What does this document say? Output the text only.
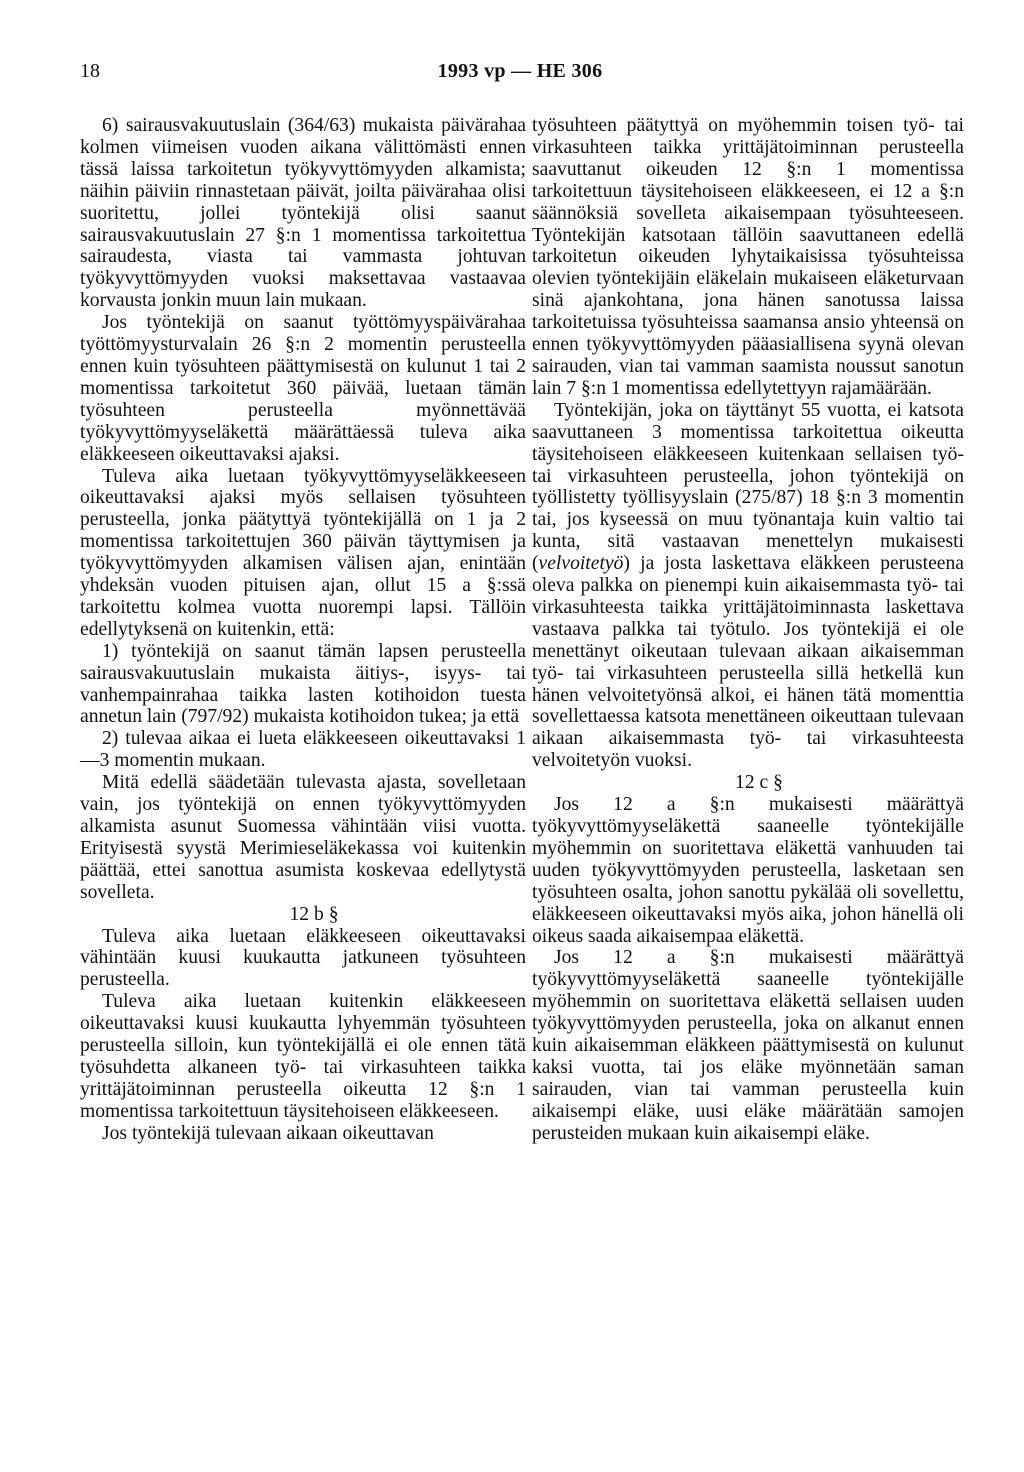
18	1993 vp — HE 306

6) sairausvakuutuslain (364/63) mukaista päivärahaa kolmen viimeisen vuoden aikana välittömästi ennen tässä laissa tarkoitetun työkyvyttömyyden alkamista; näihin päiviin rinnastetaan päivät, joilta päivärahaa olisi suoritettu, jollei työntekijä olisi saanut sairausvakuutuslain 27 §:n 1 momentissa tarkoitettua sairaudesta, viasta tai vammasta johtuvan työkyvyttömyyden vuoksi maksettavaa vastaavaa korvausta jonkin muun lain mukaan.

Jos työntekijä on saanut työttömyyspäivärahaa työttömyysturvalain 26 §:n 2 momentin perusteella ennen kuin työsuhteen päättymisestä on kulunut 1 tai 2 momentissa tarkoitetut 360 päivää, luetaan tämän työsuhteen perusteella myönnettävää työkyvyttömyyseläkettä määrättäessä tuleva aika eläkkeeseen oikeuttavaksi ajaksi.

Tuleva aika luetaan työkyvyttömyyseläkkeeseen oikeuttavaksi ajaksi myös sellaisen työsuhteen perusteella, jonka päätyttyä työntekijällä on 1 ja 2 momentissa tarkoitettujen 360 päivän täyttymisen ja työkyvyttömyyden alkamisen välisen ajan, enintään yhdeksän vuoden pituisen ajan, ollut 15 a §:ssä tarkoitettu kolmea vuotta nuorempi lapsi. Tällöin edellytyksenä on kuitenkin, että:

1) työntekijä on saanut tämän lapsen perusteella sairausvakuutuslain mukaista äitiys-, isyys- tai vanhempainrahaa taikka lasten kotihoidon tuesta annetun lain (797/92) mukaista kotihoidon tukea; ja että

2) tulevaa aikaa ei lueta eläkkeeseen oikeuttavaksi 1—3 momentin mukaan.

Mitä edellä säädetään tulevasta ajasta, sovelletaan vain, jos työntekijä on ennen työkyvyttömyyden alkamista asunut Suomessa vähintään viisi vuotta. Erityisestä syystä Merimieseläkekassa voi kuitenkin päättää, ettei sanottua asumista koskevaa edellytystä sovelleta.

12 b §

Tuleva aika luetaan eläkkeeseen oikeuttavaksi vähintään kuusi kuukautta jatkuneen työsuhteen perusteella.

Tuleva aika luetaan kuitenkin eläkkeeseen oikeuttavaksi kuusi kuukautta lyhyemmän työsuhteen perusteella silloin, kun työntekijällä ei ole ennen tätä työsuhdetta alkaneen työ- tai virkasuhteen taikka yrittäjätoiminnan perusteella oikeutta 12 §:n 1 momentissa tarkoitettuun täysitehoiseen eläkkeeseen.

Jos työntekijä tulevaan aikaan oikeuttavan

työsuhteen päätyttyä on myöhemmin toisen työ- tai virkasuhteen taikka yrittäjätoiminnan perusteella saavuttanut oikeuden 12 §:n 1 momentissa tarkoitettuun täysitehoiseen eläkkeeseen, ei 12 a §:n säännöksiä sovelleta aikaisempaan työsuhteeseen. Työntekijän katsotaan tällöin saavuttaneen edellä tarkoitetun oikeuden lyhytaikaisissa työsuhteissa olevien työntekijäin eläkelain mukaiseen eläketurvaan sinä ajankohtana, jona hänen sanotussa laissa tarkoitetuissa työsuhteissa saamansa ansio yhteensä on ennen työkyvyttömyyden pääasiallisena syynä olevan sairauden, vian tai vamman saamista noussut sanotun lain 7 §:n 1 momentissa edellytettyyn rajamäärään.

Työntekijän, joka on täyttänyt 55 vuotta, ei katsota saavuttaneen 3 momentissa tarkoitettua oikeutta täysitehoiseen eläkkeeseen kuitenkaan sellaisen työ- tai virkasuhteen perusteella, johon työntekijä on työllistetty työllisyyslain (275/87) 18 §:n 3 momentin tai, jos kyseessä on muu työnantaja kuin valtio tai kunta, sitä vastaavan menettelyn mukaisesti (velvoitetyö) ja josta laskettava eläkkeen perusteena oleva palkka on pienempi kuin aikaisemmasta työ- tai virkasuhteesta taikka yrittäjätoiminnasta laskettava vastaava palkka tai työtulo. Jos työntekijä ei ole menettänyt oikeutaan tulevaan aikaan aikaisemman työ- tai virkasuhteen perusteella sillä hetkellä kun hänen velvoitetyönsä alkoi, ei hänen tätä momenttia sovellettaessa katsota menettäneen oikeuttaan tulevaan aikaan aikaisemmasta työ- tai virkasuhteesta velvoitetyön vuoksi.

12 c §

Jos 12 a §:n mukaisesti määrättyä työkyvyttömyyseläkettä saaneelle työntekijälle myöhemmin on suoritettava eläkettä vanhuuden tai uuden työkyvyttömyyden perusteella, lasketaan sen työsuhteen osalta, johon sanottu pykälää oli sovellettu, eläkkeeseen oikeuttavaksi myös aika, johon hänellä oli oikeus saada aikaisempaa eläkettä.

Jos 12 a §:n mukaisesti määrättyä työkyvyttömyyseläkettä saaneelle työntekijälle myöhemmin on suoritettava eläkettä sellaisen uuden työkyvyttömyyden perusteella, joka on alkanut ennen kuin aikaisemman eläkkeen päättymisestä on kulunut kaksi vuotta, tai jos eläke myönnetään saman sairauden, vian tai vamman perusteella kuin aikaisempi eläke, uusi eläke määrätään samojen perusteiden mukaan kuin aikaisempi eläke.
